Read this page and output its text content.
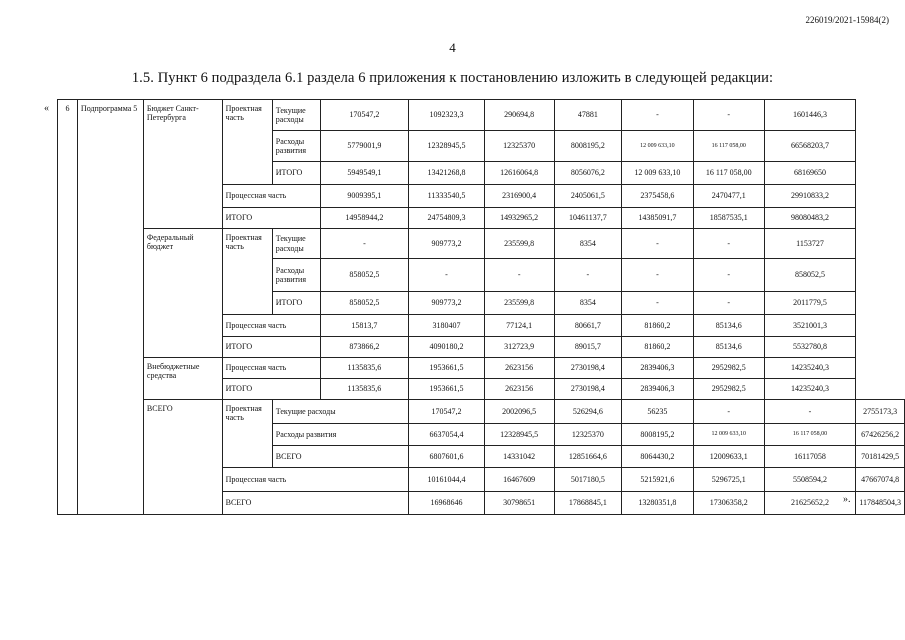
226019/2021-15984(2)
4
1.5. Пункт 6 подраздела 6.1 раздела 6 приложения к постановлению изложить в следующей редакции:
«
».
6	Подпрограмма 5	Бюджет Санкт-Петербурга	Проектная часть	Текущие расходы	170547,2	1092323,3	290694,8	47881	-	-	1601446,3	
				Расходы развития	5779001,9	12328945,5	12325370	8008195,2	12 009 633,10	16 117 058,00	66568203,7	
				ИТОГО	5949549,1	13421268,8	12616064,8	8056076,2	12 009 633,10	16 117 058,00	68169650	
			Процессная часть		9009395,1	11333540,5	2316900,4	2405061,5	2375458,6	2470477,1	29910833,2	
			ИТОГО		14958944,2	24754809,3	14932965,2	10461137,7	14385091,7	18587535,1	98080483,2	
		Федеральный бюджет	Проектная часть	Текущие расходы	-	909773,2	235599,8	8354	-	-	1153727	
				Расходы развития	858052,5	-	-	-	-	-	858052,5	
				ИТОГО	858052,5	909773,2	235599,8	8354	-	-	2011779,5	
			Процессная часть		15813,7	3180407	77124,1	80661,7	81860,2	85134,6	3521001,3	
			ИТОГО		873866,2	4090180,2	312723,9	89015,7	81860,2	85134,6	5532780,8	
		Внебюджетные средства	Процессная часть		1135835,6	1953661,5	2623156	2730198,4	2839406,3	2952982,5	14235240,3	
			ИТОГО		1135835,6	1953661,5	2623156	2730198,4	2839406,3	2952982,5	14235240,3	
		ВСЕГО	Проектная часть	Текущие расходы		170547,2	2002096,5	526294,6	56235	-	-	2755173,3
				Расходы развития		6637054,4	12328945,5	12325370	8008195,2	12 009 633,10	16 117 058,00	67426256,2
				ВСЕГО		6807601,6	14331042	12851664,6	8064430,2	12009633,1	16117058	70181429,5
			Процессная часть			10161044,4	16467609	5017180,5	5215921,6	5296725,1	5508594,2	47667074,8
			ВСЕГО			16968646	30798651	17868845,1	13280351,8	17306358,2	21625652,2	117848504,3
